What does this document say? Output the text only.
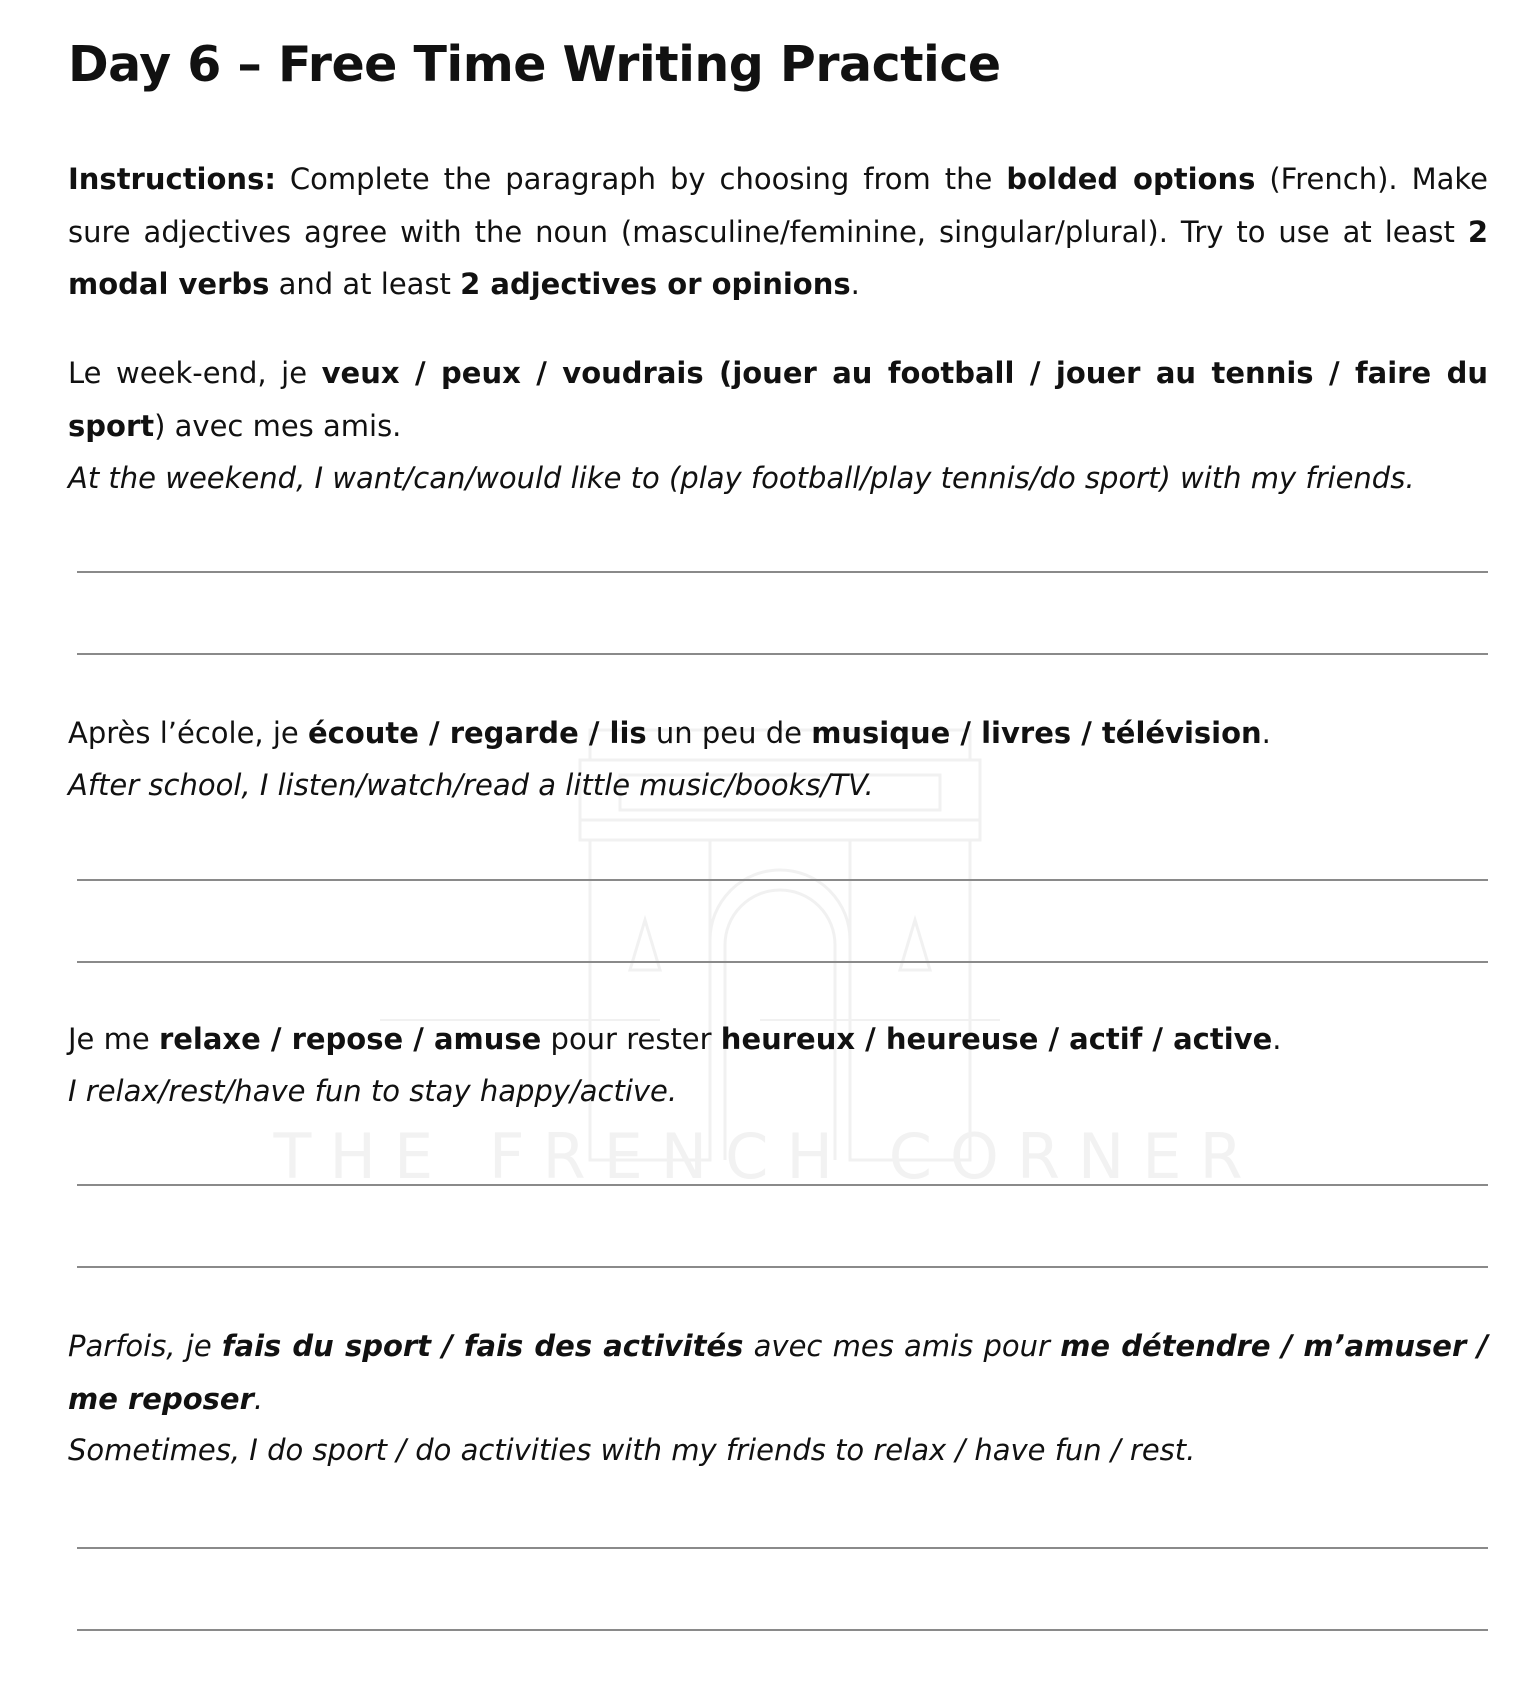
THE FRENCH CORNER
Day 6 – Free Time Writing Practice

Instructions: Complete the paragraph by choosing from the bolded options (French). Make sure adjectives agree with the noun (masculine/feminine, singular/plural). Try to use at least 2 modal verbs and at least 2 adjectives or opinions.

Le week-end, je veux / peux / voudrais (jouer au football / jouer au tennis / faire du sport) avec mes amis.

At the weekend, I want/can/would like to (play football/play tennis/do sport) with my friends.

Après l’école, je écoute / regarde / lis un peu de musique / livres / télévision.

After school, I listen/watch/read a little music/books/TV.

Je me relaxe / repose / amuse pour rester heureux / heureuse / actif / active.

I relax/rest/have fun to stay happy/active.

Parfois, je fais du sport / fais des activités avec mes amis pour me détendre / m’amuser / me reposer.

Sometimes, I do sport / do activities with my friends to relax / have fun / rest.
